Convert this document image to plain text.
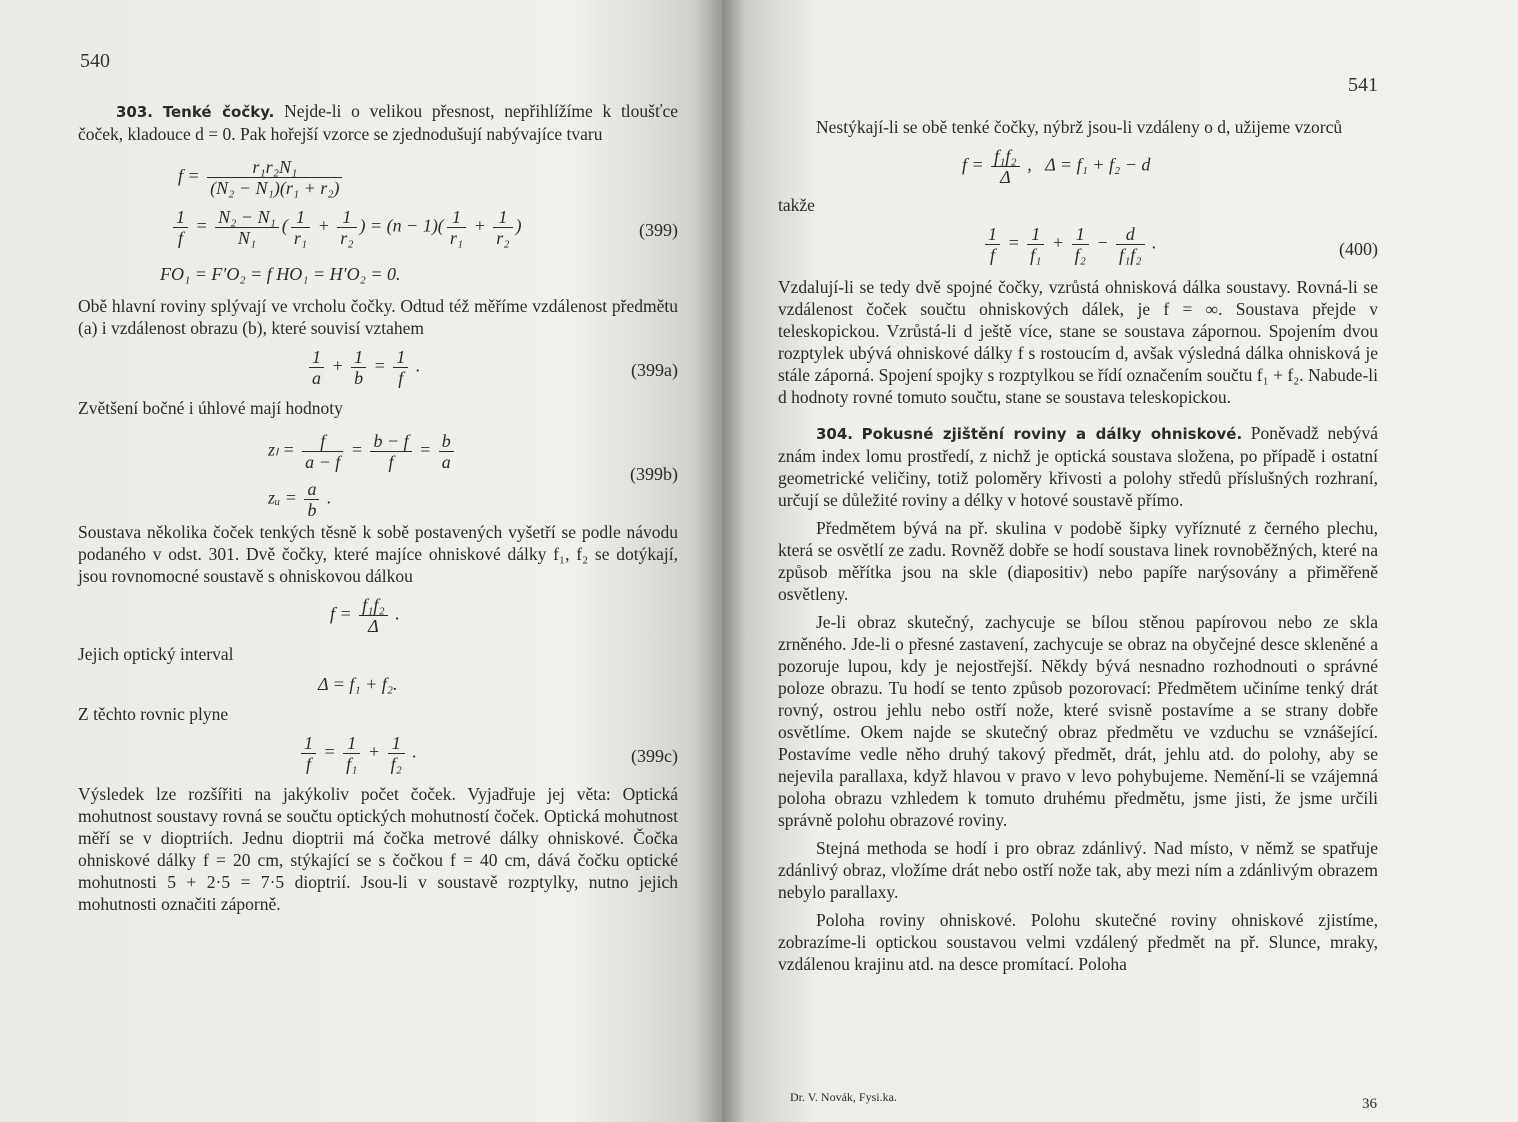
540

303. Tenké čočky. Nejde-li o velikou přesnost, nepřihlížíme k tloušťce čoček, kladouce d = 0. Pak hořejší vzorce se zjednodušují nabývajíce tvaru

$f = \frac{\text{r₁r₂N₁}}{\text{(N₂ − N₁)(r₁ + r₂)}}$
$\frac{1}{f} = \frac{\text{N₂ − N₁}}{\text{N₁}}$ ( $\frac{1}{\text{r₁}} + \frac{1}{\text{r₂}}$ ) = $(n - 1)( \frac{1}{\text{r₁}} + \frac{1}{\text{r₂}}$ )	(399)
FO₁ = F′O₂ = f HO₁ = H′O₂ = 0.

Obě hlavní roviny splývají ve vrcholu čočky. Odtud též měříme vzdálenost předmětu (a) i vzdálenost obrazu (b), které souvisí vztahem

$\frac{1}{a} + \frac{1}{b} = \frac{1}{f}$ .	(399a)

Zvětšení bočné i úhlové mají hodnoty

$z_l = \frac{f}{a - f} = \frac{b - f}{f} = \frac{b}{a}$
zᵤ = $\frac{a}{b}$ .
(399b)

Soustava několika čoček tenkých těsně k sobě postavených vyšetří se podle návodu podaného v odst. 301. Dvě čočky, které majíce ohniskové dálky f₁, f₂ se dotýkají, jsou rovnomocné soustavě s ohniskovou dálkou

$f = \frac{\text{f₁f₂}}{\Delta}$ .

Jejich optický interval

Δ = f₁ + f₂.

Z těchto rovnic plyne

$\frac{1}{f} = \frac{1}{\text{f₁}} + \frac{1}{\text{f₂}}$ .	(399c)

Výsledek lze rozšířiti na jakýkoliv počet čoček. Vyjadřuje jej věta: Optická mohutnost soustavy rovná se součtu optických mohutností čoček. Optická mohutnost měří se v dioptriích. Jednu dioptrii má čočka metrové dálky ohniskové. Čočka ohniskové dálky f = 20 cm, stýkající se s čočkou f = 40 cm, dává čočku optické mohutnosti 5 + 2·5 = 7·5 dioptrií. Jsou-li v soustavě rozptylky, nutno jejich mohutnosti označiti záporně.

541

Nestýkají-li se obě tenké čočky, nýbrž jsou-li vzdáleny o d, užijeme vzorců

$f = \frac{\text{f₁f₂}}{\Delta}$ ,   Δ = f₁ + f₂ − d

takže

$\frac{1}{f} = \frac{1}{\text{f₁}} + \frac{1}{\text{f₂}} - \frac{d}{\text{f₁f₂}}$ .	(400)

Vzdalují-li se tedy dvě spojné čočky, vzrůstá ohnisková dálka soustavy. Rovná-li se vzdálenost čoček součtu ohniskových dálek, je f = ∞. Soustava přejde v teleskopickou. Vzrůstá-li d ještě více, stane se soustava zápornou. Spojením dvou rozptylek ubývá ohniskové dálky f s rostoucím d, avšak výsledná dálka ohnisková je stále záporná. Spojení spojky s rozptylkou se řídí označením součtu f₁ + f₂. Nabude-li d hodnoty rovné tomuto součtu, stane se soustava teleskopickou.

304. Pokusné zjištění roviny a dálky ohniskové. Poněvadž nebývá znám index lomu prostředí, z nichž je optická soustava složena, po případě i ostatní geometrické veličiny, totiž poloměry křivosti a polohy středů příslušných rozhraní, určují se důležité roviny a délky v hotové soustavě přímo.

Předmětem bývá na př. skulina v podobě šipky vyříznuté z černého plechu, která se osvětlí ze zadu. Rovněž dobře se hodí soustava linek rovnoběžných, které na způsob měřítka jsou na skle (diapositiv) nebo papíře narýsovány a přiměřeně osvětleny.

Je-li obraz skutečný, zachycuje se bílou stěnou papírovou nebo ze skla zrněného. Jde-li o přesné zastavení, zachycuje se obraz na obyčejné desce skleněné a pozoruje lupou, kdy je nejostřejší. Někdy bývá nesnadno rozhodnouti o správné poloze obrazu. Tu hodí se tento způsob pozorovací: Předmětem učiníme tenký drát rovný, ostrou jehlu nebo ostří nože, které svisně postavíme a se strany dobře osvětlíme. Okem najde se skutečný obraz předmětu ve vzduchu se vznášející. Postavíme vedle něho druhý takový předmět, drát, jehlu atd. do polohy, aby se nejevila parallaxa, když hlavou v pravo v levo pohybujeme. Nemění-li se vzájemná poloha obrazu vzhledem k tomuto druhému předmětu, jsme jisti, že jsme určili správně polohu obrazové roviny.

Stejná methoda se hodí i pro obraz zdánlivý. Nad místo, v němž se spatřuje zdánlivý obraz, vložíme drát nebo ostří nože tak, aby mezi ním a zdánlivým obrazem nebylo parallaxy.

Poloha roviny ohniskové. Polohu skutečné roviny ohniskové zjistíme, zobrazíme-li optickou soustavou velmi vzdálený předmět na př. Slunce, mraky, vzdálenou krajinu atd. na desce promítací. Poloha

Dr. V. Novák, Fysi.ka.	36
